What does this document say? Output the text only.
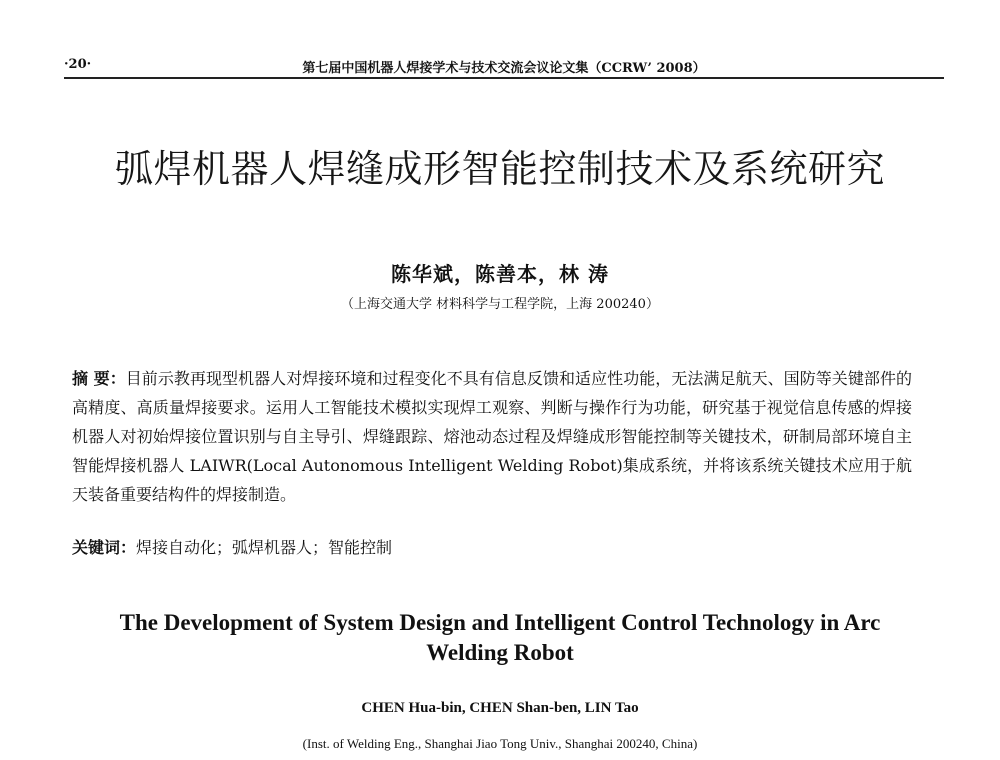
·20·	第七届中国机器人焊接学术与技术交流会议论文集（CCRW’ 2008）
弧焊机器人焊缝成形智能控制技术及系统研究
陈华斌，陈善本，林 涛
（上海交通大学 材料科学与工程学院，上海 200240）
摘 要：目前示教再现型机器人对焊接环境和过程变化不具有信息反馈和适应性功能，无法满足航天、国防等关键部件的高精度、高质量焊接要求。运用人工智能技术模拟实现焊工观察、判断与操作行为功能，研究基于视觉信息传感的焊接机器人对初始焊接位置识别与自主导引、焊缝跟踪、熔池动态过程及焊缝成形智能控制等关键技术，研制局部环境自主智能焊接机器人 LAIWR(Local Autonomous Intelligent Welding Robot)集成系统，并将该系统关键技术应用于航天装备重要结构件的焊接制造。
关键词：焊接自动化；弧焊机器人；智能控制
The Development of System Design and Intelligent Control Technology in Arc Welding Robot
CHEN Hua-bin, CHEN Shan-ben, LIN Tao
(Inst. of Welding Eng., Shanghai Jiao Tong Univ., Shanghai 200240, China)
